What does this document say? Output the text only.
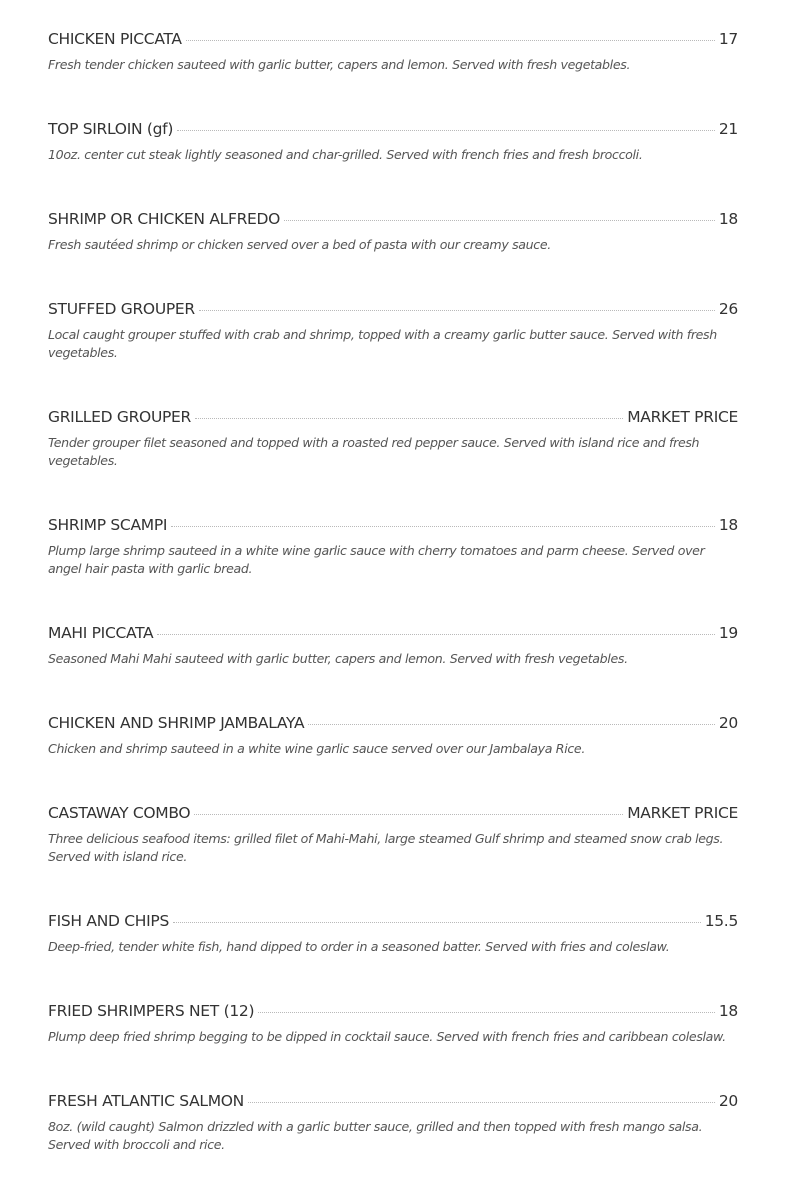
CHICKEN PICCATA	17
Fresh tender chicken sauteed with garlic butter, capers and lemon. Served with fresh vegetables.
TOP SIRLOIN (gf)	21
10oz. center cut steak lightly seasoned and char-grilled. Served with french fries and fresh broccoli.
SHRIMP OR CHICKEN ALFREDO	18
Fresh sautéed shrimp or chicken served over a bed of pasta with our creamy sauce.
STUFFED GROUPER	26
Local caught grouper stuffed with crab and shrimp, topped with a creamy garlic butter sauce. Served with fresh vegetables.
GRILLED GROUPER	MARKET PRICE
Tender grouper filet seasoned and topped with a roasted red pepper sauce. Served with island rice and fresh vegetables.
SHRIMP SCAMPI	18
Plump large shrimp sauteed in a white wine garlic sauce with cherry tomatoes and parm cheese. Served over angel hair pasta with garlic bread.
MAHI PICCATA	19
Seasoned Mahi Mahi sauteed with garlic butter, capers and lemon. Served with fresh vegetables.
CHICKEN AND SHRIMP JAMBALAYA	20
Chicken and shrimp sauteed in a white wine garlic sauce served over our Jambalaya Rice.
CASTAWAY COMBO	MARKET PRICE
Three delicious seafood items: grilled filet of Mahi-Mahi, large steamed Gulf shrimp and steamed snow crab legs. Served with island rice.
FISH AND CHIPS	15.5
Deep-fried, tender white fish, hand dipped to order in a seasoned batter. Served with fries and coleslaw.
FRIED SHRIMPERS NET (12)	18
Plump deep fried shrimp begging to be dipped in cocktail sauce. Served with french fries and caribbean coleslaw.
FRESH ATLANTIC SALMON	20
8oz. (wild caught) Salmon drizzled with a garlic butter sauce, grilled and then topped with fresh mango salsa. Served with broccoli and rice.
